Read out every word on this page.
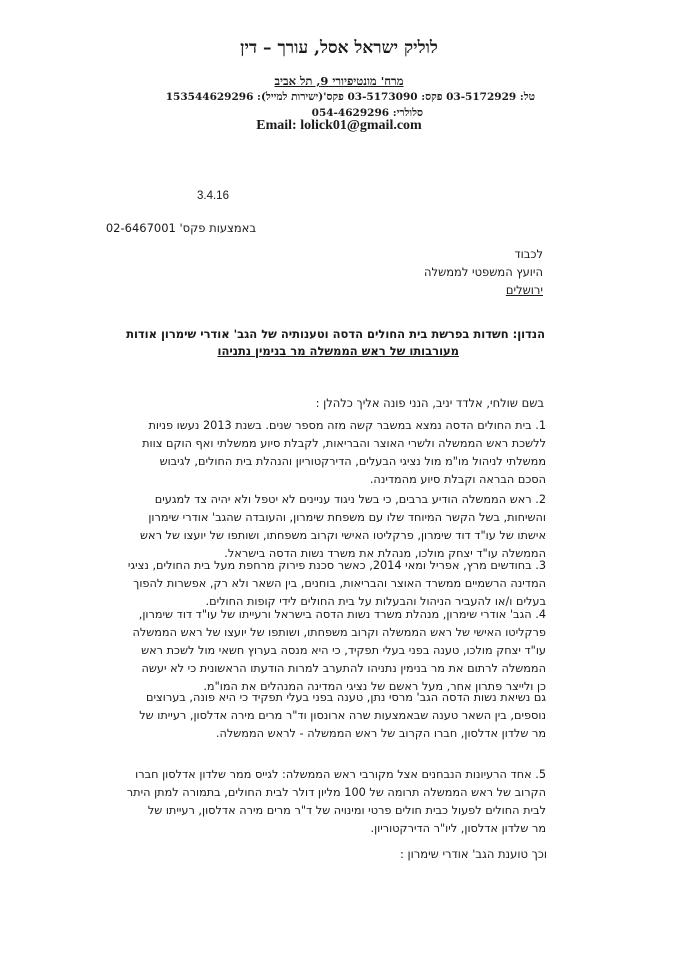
לוליק ישראל אסל, עורך – דין
מרח' מונטיפיורי 9, תל אביב
טל: 03-5172929 פקס: 03-5173090 פקס'(ישירות למייל): 153544629296
סלולרי: 054-4629296
Email: lolick01@gmail.com
3.4.16
באמצעות פקס' 02-6467001
לכבוד
היועץ המשפטי לממשלה
ירושלים
הנדון: חשדות בפרשת בית החולים הדסה וטענותיה של הגב' אודרי שימרון אודות
מעורבותו של ראש הממשלה מר בנימין נתניהו
בשם שולחי, אלדד יניב, הנני פונה אליך כלהלן :
1. בית החולים הדסה נמצא במשבר קשה מזה מספר שנים. בשנת 2013 נעשו פניות
ללשכת ראש הממשלה ולשרי האוצר והבריאות, לקבלת סיוע ממשלתי ואף הוקם צוות
ממשלתי לניהול מו"מ מול נציגי הבעלים, הדירקטוריון והנהלת בית החולים, לגיבוש
הסכם הבראה וקבלת סיוע מהמדינה.
2. ראש הממשלה הודיע ברבים, כי בשל ניגוד עניינים לא יטפל ולא יהיה צד למגעים
והשיחות, בשל הקשר המיוחד שלו עם משפחת שימרון, והעובדה שהגב' אודרי שימרון
אישתו של עו"ד דוד שימרון, פרקליטו האישי וקרוב משפחתו, ושותפו של יועצו של ראש
הממשלה עו"ד יצחק מולכו, מנהלת את משרד נשות הדסה בישראל.
3. בחודשים מרץ, אפריל ומאי 2014, כאשר סכנת פירוק מרחפת מעל בית החולים, נציגי
המדינה הרשמיים ממשרד האוצר והבריאות, בוחנים, בין השאר ולא רק, אפשרות להפוך
בעלים ו/או להעביר הניהול והבעלות על בית החולים לידי קופות החולים.
4. הגב' אודרי שימרון, מנהלת משרד נשות הדסה בישראל ורעייתו של עו"ד דוד שימרון,
פרקליטו האישי של ראש הממשלה וקרוב משפחתו, ושותפו של יועצו של ראש הממשלה
עו"ד יצחק מולכו, טענה בפני בעלי תפקיד, כי היא מנסה בערוץ חשאי מול לשכת ראש
הממשלה לרתום את מר בנימין נתניהו להתערב למרות הודעתו הראשונית כי לא יעשה
כן ולייצר פתרון אחר, מעל ראשם של נציגי המדינה המנהלים את המו"מ.
גם נשיאת נשות הדסה הגב' מרסי נתן, טענה בפני בעלי תפקיד כי היא פונה, בערוצים
נוספים, בין השאר טענה שבאמצעות שרה ארונסון וד"ר מרים מירה אדלסון, רעייתו של
מר שלדון אדלסון, חברו הקרוב של ראש הממשלה - לראש הממשלה.
5. אחד הרעיונות הנבחנים אצל מקורבי ראש הממשלה: לגייס ממר שלדון אדלסון חברו
הקרוב של ראש הממשלה תרומה של 100 מליון דולר לבית החולים, בתמורה למתן היתר
לבית החולים לפעול כבית חולים פרטי ומינויה של ד"ר מרים מירה אדלסון, רעייתו של
מר שלדון אדלסון, ליו"ר הדירקטוריון.
וכך טוענת הגב' אודרי שימרון :
